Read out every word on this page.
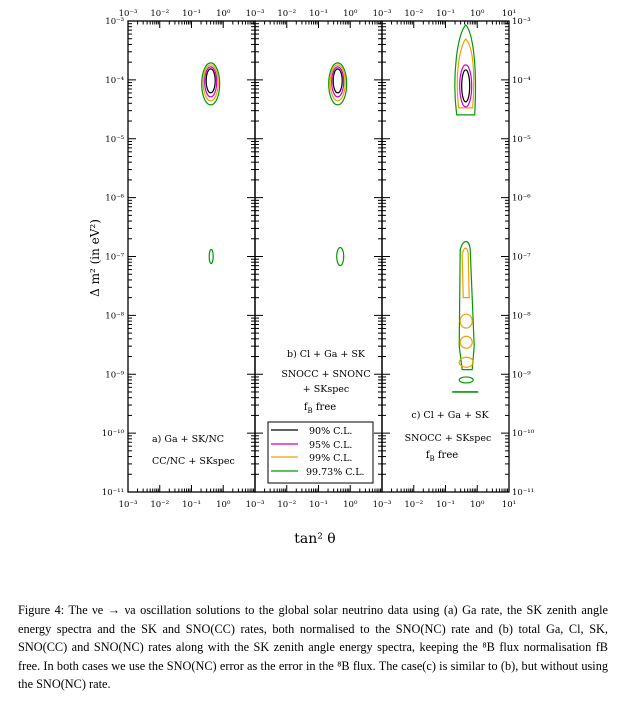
10⁻³
10⁻³
10⁻²
10⁻²
10⁻¹
10⁻¹
10⁰
10⁰
10⁻³
10⁻³
10⁻²
10⁻²
10⁻¹
10⁻¹
10⁰
10⁰
10⁻³
10⁻³
10⁻²
10⁻²
10⁻¹
10⁻¹
10⁰
10⁰
10¹
10¹
10⁻³	10⁻³
10⁻⁴	10⁻⁴
10⁻⁵	10⁻⁵
10⁻⁶	10⁻⁶
10⁻⁷	10⁻⁷
10⁻⁸	10⁻⁸
10⁻⁹	10⁻⁹
10⁻¹⁰	10⁻¹⁰
10⁻¹¹	10⁻¹¹
Δ m² (in eV²)
tan² θ
a) Ga + SK/NC
CC/NC + SKspec
b) Cl + Ga + SK
SNOCC + SNONC
+ SKspec
$f_B$ free
c) Cl + Ga + SK
SNOCC + SKspec
$f_B$ free
90% C.L.
95% C.L.
99% C.L.
99.73% C.L.
Figure 4: The νe → νa oscillation solutions to the global solar neutrino data using (a) Ga rate, the SK zenith angle energy spectra and the SK and SNO(CC) rates, both normalised to the SNO(NC) rate and (b) total Ga, Cl, SK, SNO(CC) and SNO(NC) rates along with the SK zenith angle energy spectra, keeping the ⁸B flux normalisation fB free. In both cases we use the SNO(NC) error as the error in the ⁸B flux. The case(c) is similar to (b), but without using the SNO(NC) rate.
